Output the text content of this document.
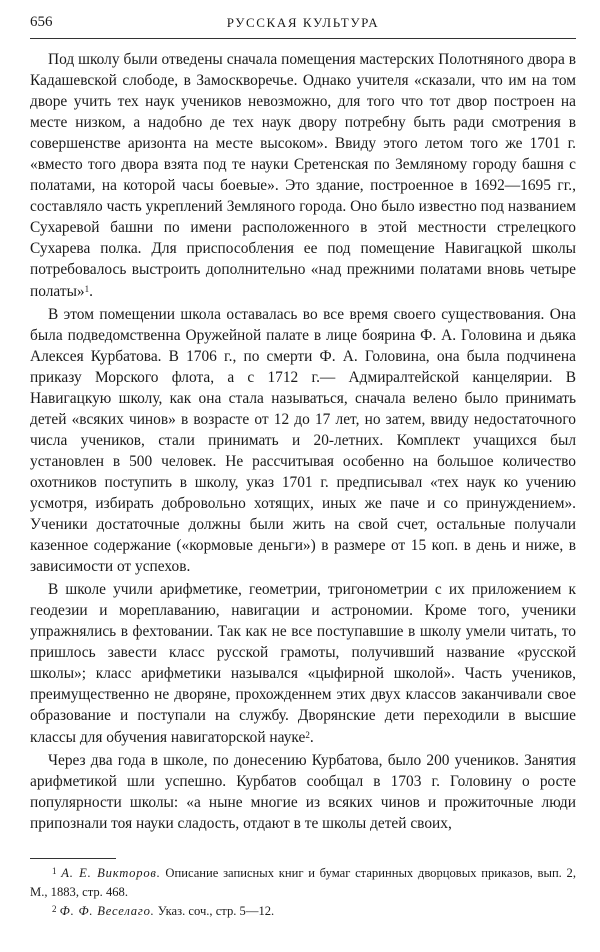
656	РУССКАЯ КУЛЬТУРА

Под школу были отведены сначала помещения мастерских Полотняного двора в Кадашевской слободе, в Замоскворечье. Однако учителя «сказали, что им на том дворе учить тех наук учеников невозможно, для того что тот двор построен на месте низком, а надобно де тех наук двору потребну быть ради смотрения в совершенстве аризонта на месте высоком». Ввиду этого летом того же 1701 г. «вместо того двора взята под те науки Сретенская по Земляному городу башня с полатами, на которой часы боевые». Это здание, построенное в 1692—1695 гг., составляло часть укреплений Земляного города. Оно было известно под названием Сухаревой башни по имени расположенного в этой местности стрелецкого Сухарева полка. Для приспособления ее под помещение Навигацкой школы потребовалось выстроить дополнительно «над прежними полатами вновь четыре полаты»$^1$.

В этом помещении школа оставалась во все время своего существования. Она была подведомственна Оружейной палате в лице боярина Ф. А. Головина и дьяка Алексея Курбатова. В 1706 г., по смерти Ф. А. Головина, она была подчинена приказу Морского флота, а с 1712 г.— Адмиралтейской канцелярии. В Навигацкую школу, как она стала называться, сначала велено было принимать детей «всяких чинов» в возрасте от 12 до 17 лет, но затем, ввиду недостаточного числа учеников, стали принимать и 20-летних. Комплект учащихся был установлен в 500 человек. Не рассчитывая особенно на большое количество охотников поступить в школу, указ 1701 г. предписывал «тех наук ко учению усмотря, избирать добровольно хотящих, иных же паче и со принуждением». Ученики достаточные должны были жить на свой счет, остальные получали казенное содержание («кормовые деньги») в размере от 15 коп. в день и ниже, в зависимости от успехов.

В школе учили арифметике, геометрии, тригонометрии с их приложением к геодезии и мореплаванию, навигации и астрономии. Кроме того, ученики упражнялись в фехтовании. Так как не все поступавшие в школу умели читать, то пришлось завести класс русской грамоты, получивший название «русской школы»; класс арифметики назывался «цыфирной школой». Часть учеников, преимущественно не дворяне, прохожденнем этих двух классов заканчивали свое образование и поступали на службу. Дворянские дети переходили в высшие классы для обучения навигаторской науке$^2$.

Через два года в школе, по донесению Курбатова, было 200 учеников. Занятия арифметикой шли успешно. Курбатов сообщал в 1703 г. Головину о росте популярности школы: «а ныне многие из всяких чинов и прожиточные люди припознали тоя науки сладость, отдают в те школы детей своих,

$^1$ А. Е. Викторов. Описание записных книг и бумаг старинных дворцовых приказов, вып. 2, М., 1883, стр. 468.

$^2$ Ф. Ф. Веселаго. Указ. соч., стр. 5—12.
